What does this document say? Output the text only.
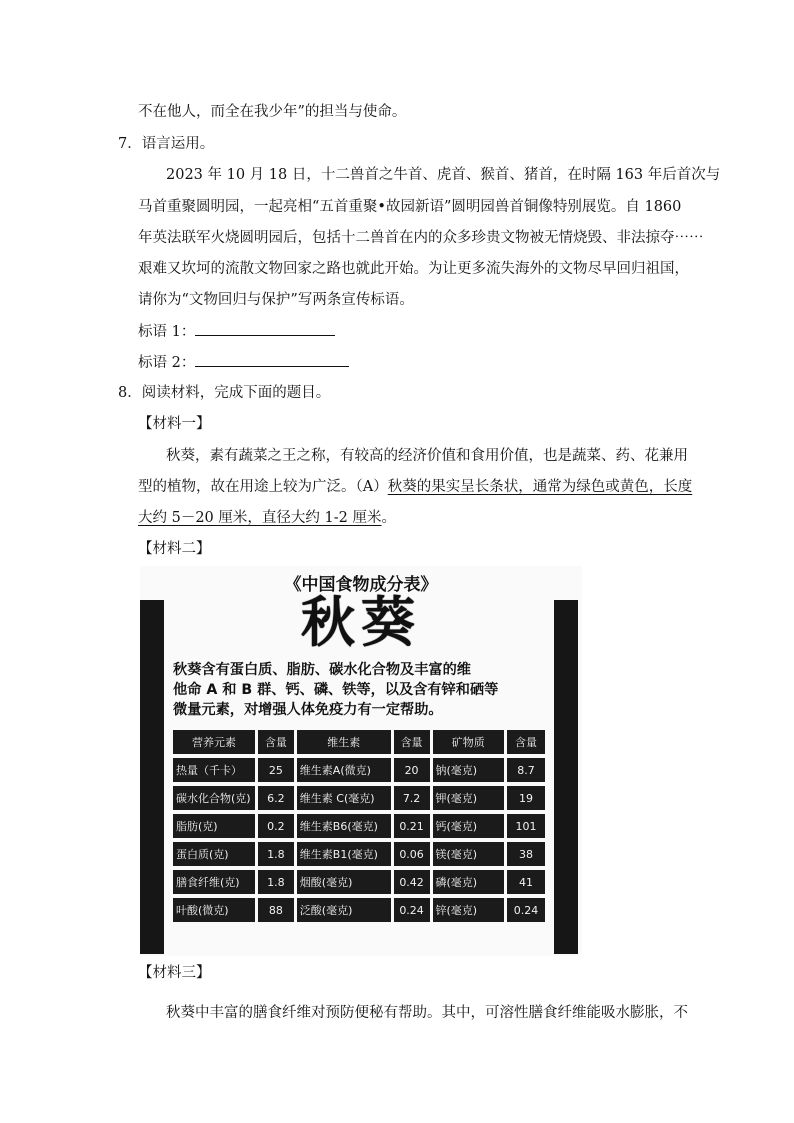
不在他人，而全在我少年”的担当与使命。
7．语言运用。
2023 年 10 月 18 日，十二兽首之牛首、虎首、猴首、猪首，在时隔 163 年后首次与
马首重聚圆明园，一起亮相“五首重聚•故园新语”圆明园兽首铜像特别展览。自 1860
年英法联军火烧圆明园后，包括十二兽首在内的众多珍贵文物被无情烧毁、非法掠夺⋯⋯
艰难又坎坷的流散文物回家之路也就此开始。为让更多流失海外的文物尽早回归祖国，
请你为“文物回归与保护”写两条宣传标语。
标语 1：
标语 2：
8．阅读材料，完成下面的题目。
【材料一】
秋葵，素有蔬菜之王之称，有较高的经济价值和食用价值，也是蔬菜、药、花兼用
型的植物，故在用途上较为广泛。（A）秋葵的果实呈长条状，通常为绿色或黄色，长度
大约 5－20 厘米，直径大约 1-2 厘米。
【材料二】
《中国食物成分表》
秋葵
秋葵含有蛋白质、脂肪、碳水化合物及丰富的维
他命 A 和 B 群、钙、磷、铁等，以及含有锌和硒等
微量元素，对增强人体免疫力有一定帮助。
营养元素	含量	维生素	含量	矿物质	含量
热量（千卡）	25	维生素A(微克)	20	钠(毫克)	8.7
碳水化合物(克)	6.2	维生素 C(毫克)	7.2	钾(毫克)	19
脂肪(克)	0.2	维生素B6(毫克)	0.21	钙(毫克)	101
蛋白质(克)	1.8	维生素B1(毫克)	0.06	镁(毫克)	38
膳食纤维(克)	1.8	烟酸(毫克)	0.42	磷(毫克)	41
叶酸(微克)	88	泛酸(毫克)	0.24	锌(毫克)	0.24
【材料三】
秋葵中丰富的膳食纤维对预防便秘有帮助。其中，可溶性膳食纤维能吸水膨胀，不
